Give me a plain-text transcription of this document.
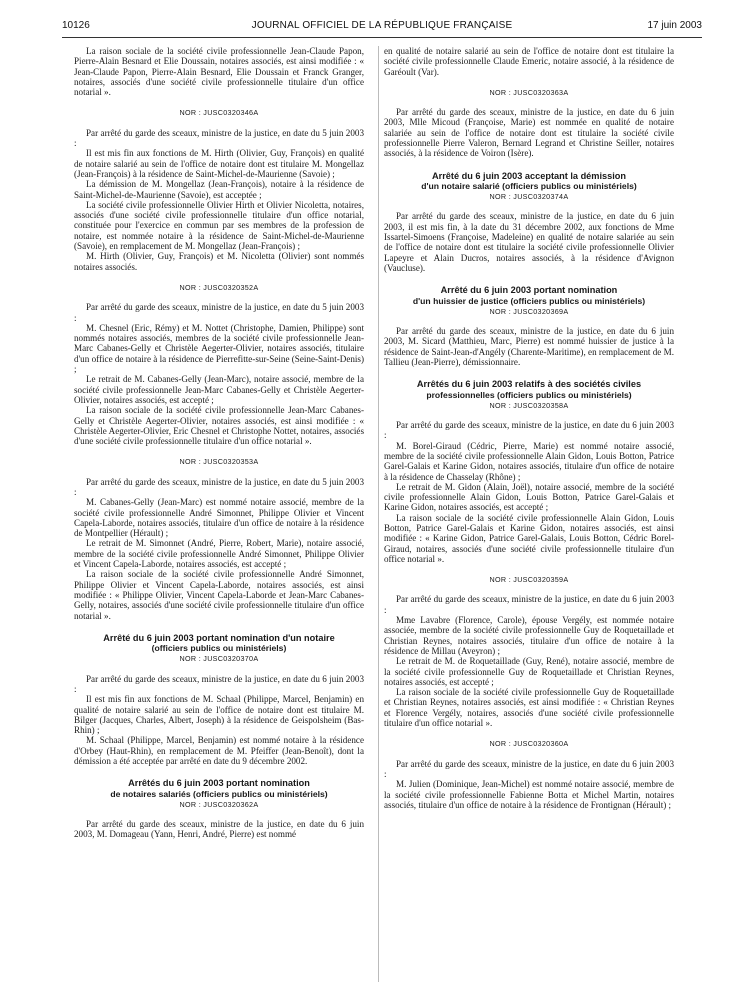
10126	JOURNAL OFFICIEL DE LA RÉPUBLIQUE FRANÇAISE	17 juin 2003

La raison sociale de la société civile professionnelle Jean-Claude Papon, Pierre-Alain Besnard et Elie Doussain, notaires associés, est ainsi modifiée : « Jean-Claude Papon, Pierre-Alain Besnard, Elie Doussain et Franck Granger, notaires, associés d'une société civile professionnelle titulaire d'un office notarial ».

NOR : JUSC0320346A

Par arrêté du garde des sceaux, ministre de la justice, en date du 5 juin 2003 :

Il est mis fin aux fonctions de M. Hirth (Olivier, Guy, François) en qualité de notaire salarié au sein de l'office de notaire dont est titulaire M. Mongellaz (Jean-François) à la résidence de Saint-Michel-de-Maurienne (Savoie) ;

La démission de M. Mongellaz (Jean-François), notaire à la résidence de Saint-Michel-de-Maurienne (Savoie), est acceptée ;

La société civile professionnelle Olivier Hirth et Olivier Nicoletta, notaires, associés d'une société civile professionnelle titulaire d'un office notarial, constituée pour l'exercice en commun par ses membres de la profession de notaire, est nommée notaire à la résidence de Saint-Michel-de-Maurienne (Savoie), en remplacement de M. Mongellaz (Jean-François) ;

M. Hirth (Olivier, Guy, François) et M. Nicoletta (Olivier) sont nommés notaires associés.

NOR : JUSC0320352A

Par arrêté du garde des sceaux, ministre de la justice, en date du 5 juin 2003 :

M. Chesnel (Eric, Rémy) et M. Nottet (Christophe, Damien, Philippe) sont nommés notaires associés, membres de la société civile professionnelle Jean-Marc Cabanes-Gelly et Christèle Aegerter-Olivier, notaires associés, titulaire d'un office de notaire à la résidence de Pierrefitte-sur-Seine (Seine-Saint-Denis) ;

Le retrait de M. Cabanes-Gelly (Jean-Marc), notaire associé, membre de la société civile professionnelle Jean-Marc Cabanes-Gelly et Christèle Aegerter-Olivier, notaires associés, est accepté ;

La raison sociale de la société civile professionnelle Jean-Marc Cabanes-Gelly et Christèle Aegerter-Olivier, notaires associés, est ainsi modifiée : « Christèle Aegerter-Olivier, Eric Chesnel et Christophe Nottet, notaires, associés d'une société civile professionnelle titulaire d'un office notarial ».

NOR : JUSC0320353A

Par arrêté du garde des sceaux, ministre de la justice, en date du 5 juin 2003 :

M. Cabanes-Gelly (Jean-Marc) est nommé notaire associé, membre de la société civile professionnelle André Simonnet, Philippe Olivier et Vincent Capela-Laborde, notaires associés, titulaire d'un office de notaire à la résidence de Montpellier (Hérault) ;

Le retrait de M. Simonnet (André, Pierre, Robert, Marie), notaire associé, membre de la société civile professionnelle André Simonnet, Philippe Olivier et Vincent Capela-Laborde, notaires associés, est accepté ;

La raison sociale de la société civile professionnelle André Simonnet, Philippe Olivier et Vincent Capela-Laborde, notaires associés, est ainsi modifiée : « Philippe Olivier, Vincent Capela-Laborde et Jean-Marc Cabanes-Gelly, notaires, associés d'une société civile professionnelle titulaire d'un office notarial ».

Arrêté du 6 juin 2003 portant nomination d'un notaire
(officiers publics ou ministériels)

NOR : JUSC0320370A

Par arrêté du garde des sceaux, ministre de la justice, en date du 6 juin 2003 :

Il est mis fin aux fonctions de M. Schaal (Philippe, Marcel, Benjamin) en qualité de notaire salarié au sein de l'office de notaire dont est titulaire M. Bilger (Jacques, Charles, Albert, Joseph) à la résidence de Geispolsheim (Bas-Rhin) ;

M. Schaal (Philippe, Marcel, Benjamin) est nommé notaire à la résidence d'Orbey (Haut-Rhin), en remplacement de M. Pfeiffer (Jean-Benoît), dont la démission a été acceptée par arrêté en date du 9 décembre 2002.

Arrêtés du 6 juin 2003 portant nomination
de notaires salariés (officiers publics ou ministériels)

NOR : JUSC0320362A

Par arrêté du garde des sceaux, ministre de la justice, en date du 6 juin 2003, M. Domageau (Yann, Henri, André, Pierre) est nommé

en qualité de notaire salarié au sein de l'office de notaire dont est titulaire la société civile professionnelle Claude Emeric, notaire associé, à la résidence de Garéoult (Var).

NOR : JUSC0320363A

Par arrêté du garde des sceaux, ministre de la justice, en date du 6 juin 2003, Mlle Micoud (Françoise, Marie) est nommée en qualité de notaire salariée au sein de l'office de notaire dont est titulaire la société civile professionnelle Pierre Valeron, Bernard Legrand et Christine Seiller, notaires associés, à la résidence de Voiron (Isère).

Arrêté du 6 juin 2003 acceptant la démission
d'un notaire salarié (officiers publics ou ministériels)

NOR : JUSC0320374A

Par arrêté du garde des sceaux, ministre de la justice, en date du 6 juin 2003, il est mis fin, à la date du 31 décembre 2002, aux fonctions de Mme Issartel-Simoens (Françoise, Madeleine) en qualité de notaire salariée au sein de l'office de notaire dont est titulaire la société civile professionnelle Olivier Lapeyre et Alain Ducros, notaires associés, à la résidence d'Avignon (Vaucluse).

Arrêté du 6 juin 2003 portant nomination
d'un huissier de justice (officiers publics ou ministériels)

NOR : JUSC0320369A

Par arrêté du garde des sceaux, ministre de la justice, en date du 6 juin 2003, M. Sicard (Matthieu, Marc, Pierre) est nommé huissier de justice à la résidence de Saint-Jean-d'Angély (Charente-Maritime), en remplacement de M. Tallieu (Jean-Pierre), démissionnaire.

Arrêtés du 6 juin 2003 relatifs à des sociétés civiles
professionnelles (officiers publics ou ministériels)

NOR : JUSC0320358A

Par arrêté du garde des sceaux, ministre de la justice, en date du 6 juin 2003 :

M. Borel-Giraud (Cédric, Pierre, Marie) est nommé notaire associé, membre de la société civile professionnelle Alain Gidon, Louis Botton, Patrice Garel-Galais et Karine Gidon, notaires associés, titulaire d'un office de notaire à la résidence de Chasselay (Rhône) ;

Le retrait de M. Gidon (Alain, Joël), notaire associé, membre de la société civile professionnelle Alain Gidon, Louis Botton, Patrice Garel-Galais et Karine Gidon, notaires associés, est accepté ;

La raison sociale de la société civile professionnelle Alain Gidon, Louis Botton, Patrice Garel-Galais et Karine Gidon, notaires associés, est ainsi modifiée : « Karine Gidon, Patrice Garel-Galais, Louis Botton, Cédric Borel-Giraud, notaires, associés d'une société civile professionnelle titulaire d'un office notarial ».

NOR : JUSC0320359A

Par arrêté du garde des sceaux, ministre de la justice, en date du 6 juin 2003 :

Mme Lavabre (Florence, Carole), épouse Vergély, est nommée notaire associée, membre de la société civile professionnelle Guy de Roquetaillade et Christian Reynes, notaires associés, titulaire d'un office de notaire à la résidence de Millau (Aveyron) ;

Le retrait de M. de Roquetaillade (Guy, René), notaire associé, membre de la société civile professionnelle Guy de Roquetaillade et Christian Reynes, notaires associés, est accepté ;

La raison sociale de la société civile professionnelle Guy de Roquetaillade et Christian Reynes, notaires associés, est ainsi modifiée : « Christian Reynes et Florence Vergély, notaires, associés d'une société civile professionnelle titulaire d'un office notarial ».

NOR : JUSC0320360A

Par arrêté du garde des sceaux, ministre de la justice, en date du 6 juin 2003 :

M. Julien (Dominique, Jean-Michel) est nommé notaire associé, membre de la société civile professionnelle Fabienne Botta et Michel Martin, notaires associés, titulaire d'un office de notaire à la résidence de Frontignan (Hérault) ;
